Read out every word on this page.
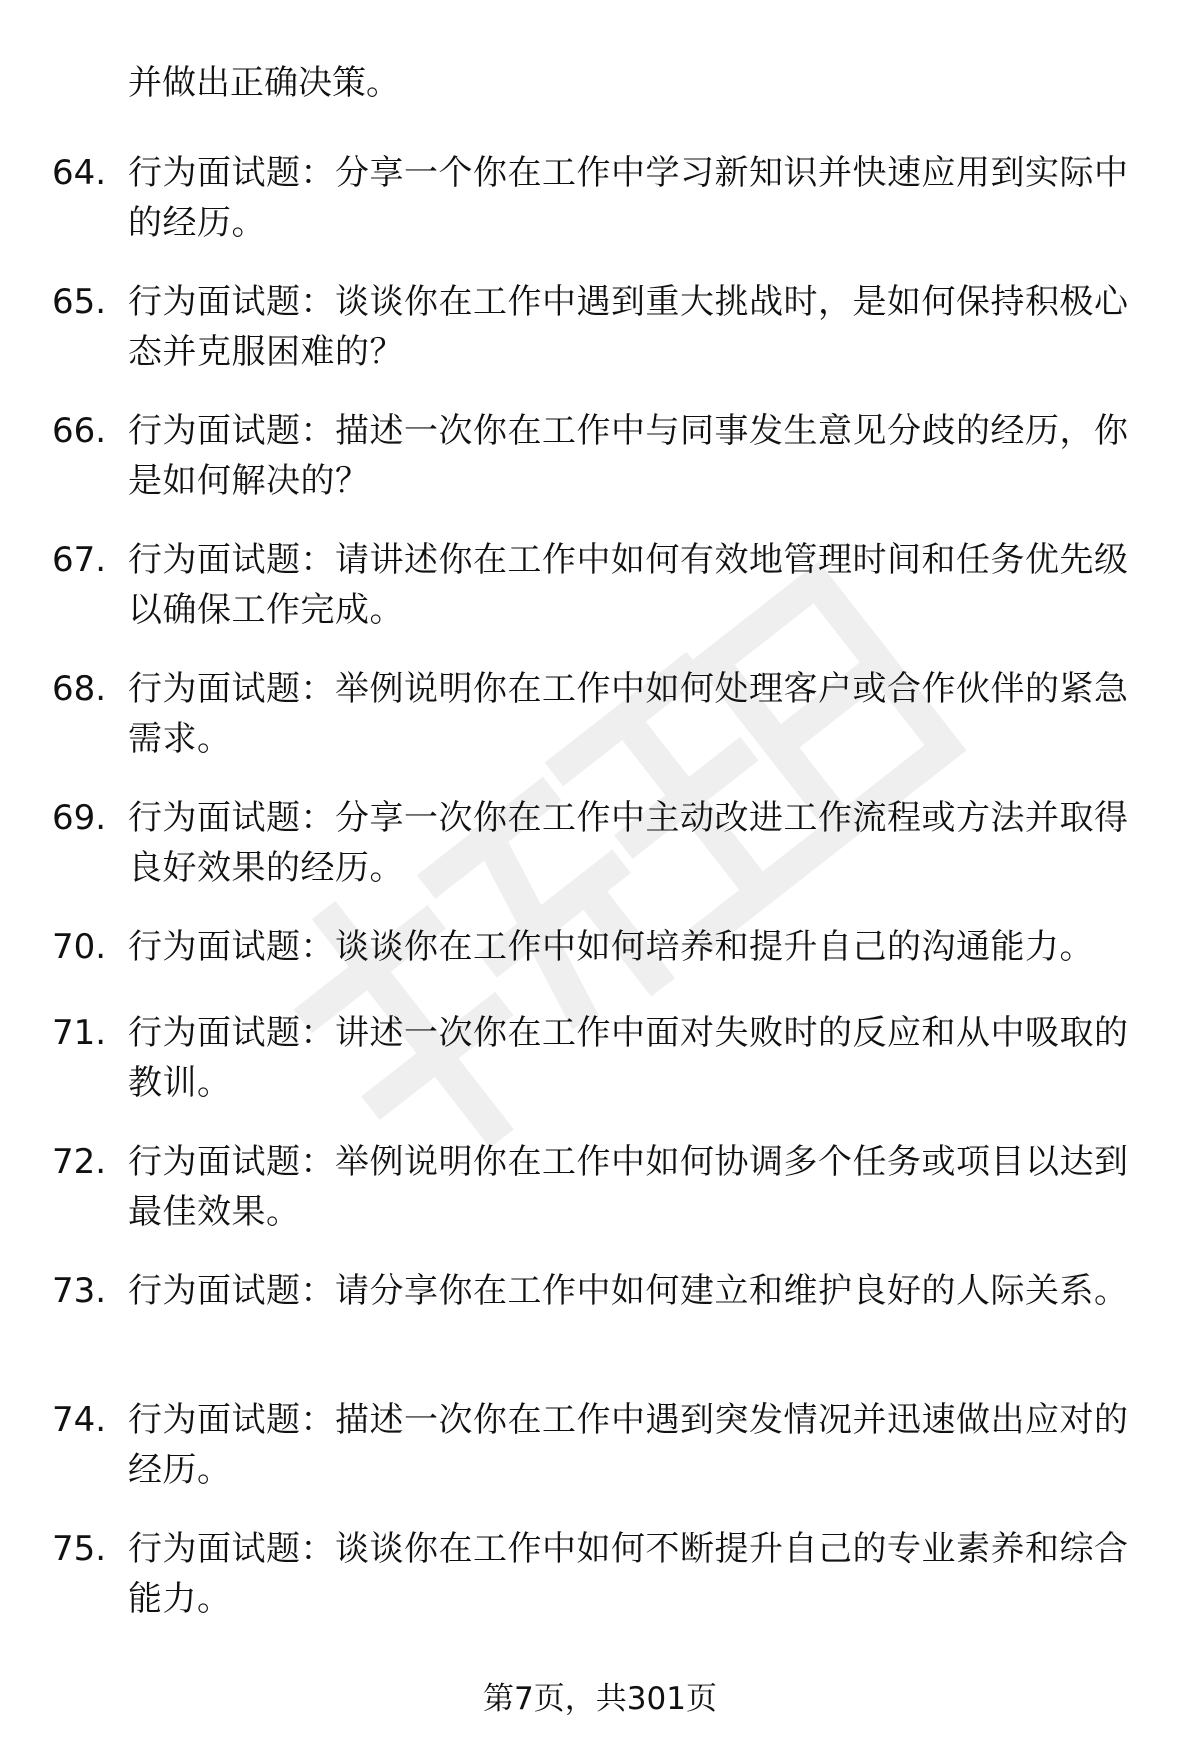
并做出正确决策。
64. 行为面试题：分享一个你在工作中学习新知识并快速应用到实际中的经历。
65. 行为面试题：谈谈你在工作中遇到重大挑战时，是如何保持积极心态并克服困难的？
66. 行为面试题：描述一次你在工作中与同事发生意见分歧的经历，你是如何解决的？
67. 行为面试题：请讲述你在工作中如何有效地管理时间和任务优先级以确保工作完成。
68. 行为面试题：举例说明你在工作中如何处理客户或合作伙伴的紧急需求。
69. 行为面试题：分享一次你在工作中主动改进工作流程或方法并取得良好效果的经历。
70. 行为面试题：谈谈你在工作中如何培养和提升自己的沟通能力。
71. 行为面试题：讲述一次你在工作中面对失败时的反应和从中吸取的教训。
72. 行为面试题：举例说明你在工作中如何协调多个任务或项目以达到最佳效果。
73. 行为面试题：请分享你在工作中如何建立和维护良好的人际关系。
74. 行为面试题：描述一次你在工作中遇到突发情况并迅速做出应对的经历。
75. 行为面试题：谈谈你在工作中如何不断提升自己的专业素养和综合能力。
第7页，共301页
